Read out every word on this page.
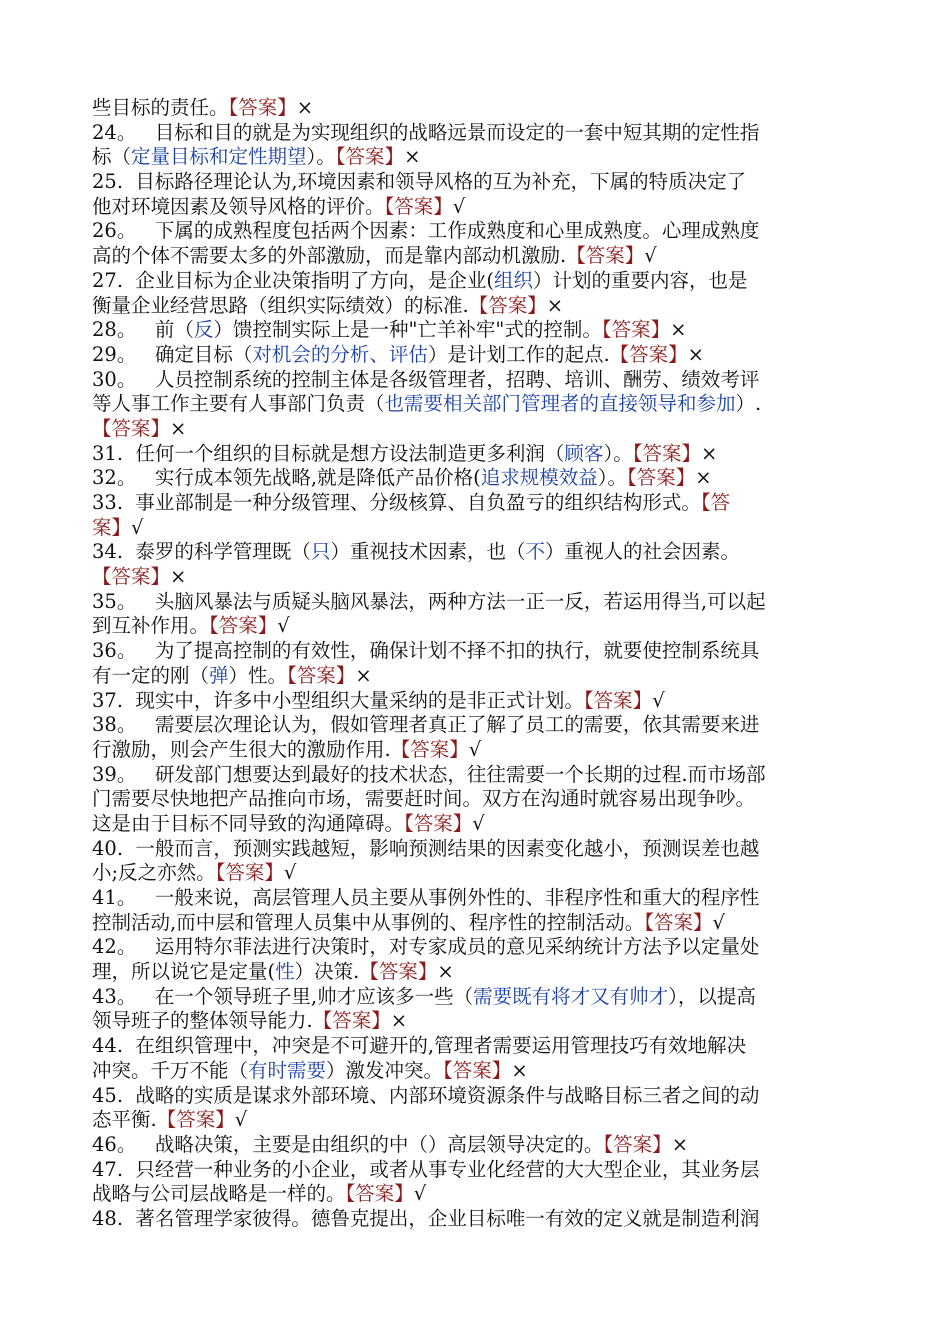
些目标的责任。【答案】×
24。   目标和目的就是为实现组织的战略远景而设定的一套中短其期的定性指
标（定量目标和定性期望）。【答案】×
25.  目标路径理论认为,环境因素和领导风格的互为补充，下属的特质决定了
他对环境因素及领导风格的评价。【答案】√
26。   下属的成熟程度包括两个因素：工作成熟度和心里成熟度。心理成熟度
高的个体不需要太多的外部激励，而是靠内部动机激励.【答案】√
27.  企业目标为企业决策指明了方向，是企业(组织）计划的重要内容，也是
衡量企业经营思路（组织实际绩效）的标准.【答案】×
28。   前（反）馈控制实际上是一种"亡羊补牢"式的控制。【答案】×
29。   确定目标（对机会的分析、评估）是计划工作的起点.【答案】×
30。   人员控制系统的控制主体是各级管理者，招聘、培训、酬劳、绩效考评
等人事工作主要有人事部门负责（也需要相关部门管理者的直接领导和参加）.
【答案】×
31.  任何一个组织的目标就是想方设法制造更多利润（顾客）。【答案】×
32。   实行成本领先战略,就是降低产品价格(追求规模效益）。【答案】×
33.  事业部制是一种分级管理、分级核算、自负盈亏的组织结构形式。【答
案】√
34.  泰罗的科学管理既（只）重视技术因素，也（不）重视人的社会因素。
【答案】×
35。   头脑风暴法与质疑头脑风暴法，两种方法一正一反，若运用得当,可以起
到互补作用。【答案】√
36。   为了提高控制的有效性，确保计划不择不扣的执行，就要使控制系统具
有一定的刚（弹）性。【答案】×
37.  现实中，许多中小型组织大量采纳的是非正式计划。【答案】√
38。   需要层次理论认为，假如管理者真正了解了员工的需要，依其需要来进
行激励，则会产生很大的激励作用.【答案】√
39。   研发部门想要达到最好的技术状态，往往需要一个长期的过程.而市场部
门需要尽快地把产品推向市场，需要赶时间。双方在沟通时就容易出现争吵。
这是由于目标不同导致的沟通障碍。【答案】√
40.  一般而言，预测实践越短，影响预测结果的因素变化越小，预测误差也越
小;反之亦然。【答案】√
41。   一般来说，高层管理人员主要从事例外性的、非程序性和重大的程序性
控制活动,而中层和管理人员集中从事例的、程序性的控制活动。【答案】√
42。   运用特尔菲法进行决策时，对专家成员的意见采纳统计方法予以定量处
理，所以说它是定量(性）决策.【答案】×
43。   在一个领导班子里,帅才应该多一些（需要既有将才又有帅才），以提高
领导班子的整体领导能力.【答案】×
44.  在组织管理中，冲突是不可避开的,管理者需要运用管理技巧有效地解决
冲突。千万不能（有时需要）激发冲突。【答案】×
45.  战略的实质是谋求外部环境、内部环境资源条件与战略目标三者之间的动
态平衡.【答案】√
46。   战略决策，主要是由组织的中（）高层领导决定的。【答案】×
47.  只经营一种业务的小企业，或者从事专业化经营的大大型企业，其业务层
战略与公司层战略是一样的。【答案】√
48.  著名管理学家彼得。德鲁克提出，企业目标唯一有效的定义就是制造利润
